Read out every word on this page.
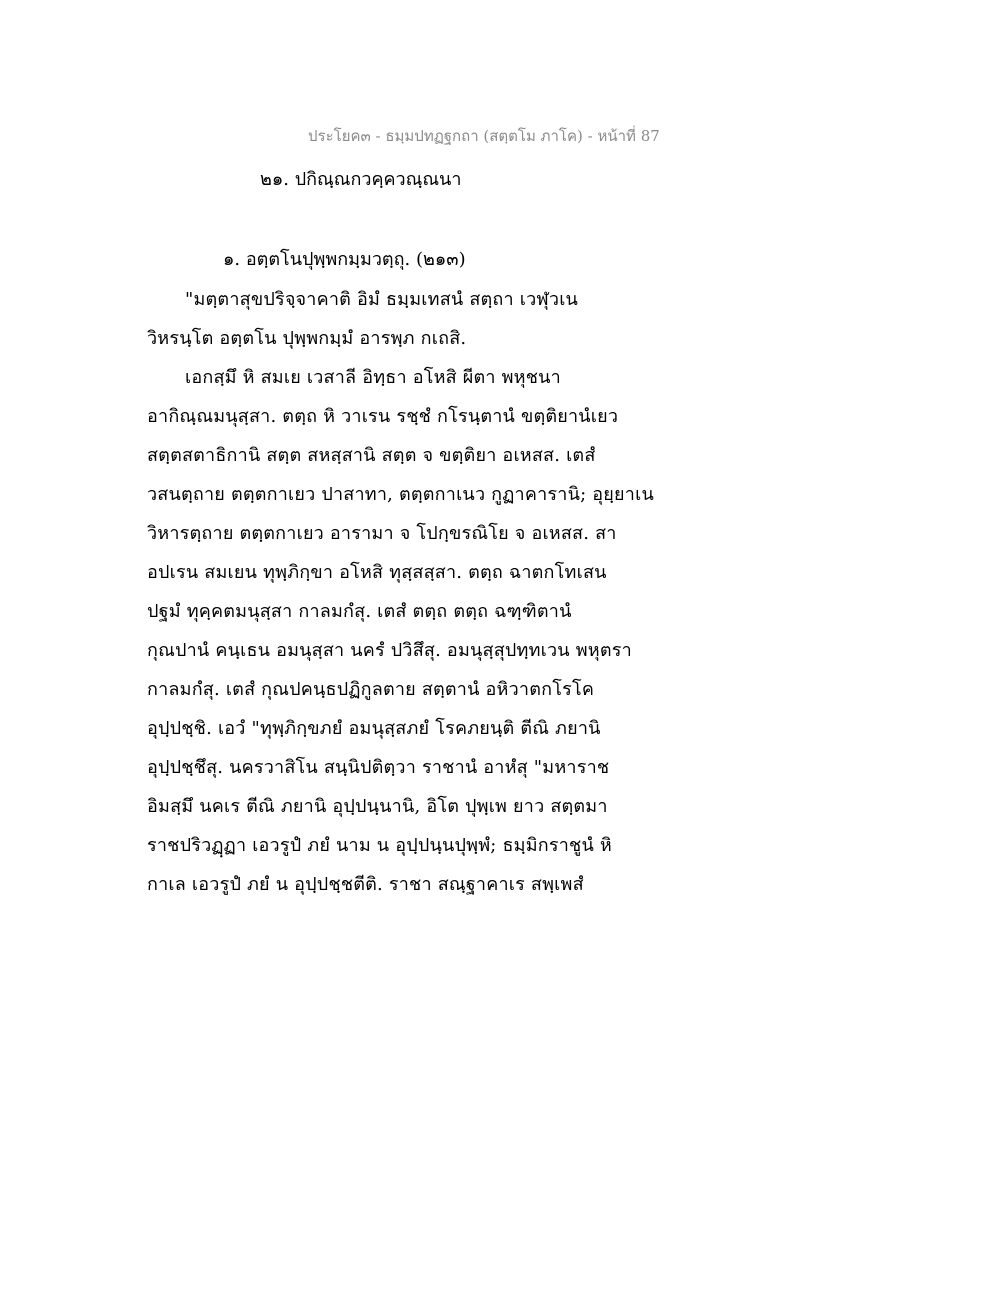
ประโยค๓ - ธมฺมปทฏฐกถา (สตฺตโม ภาโค) - หน้าที่ 87
๒๑. ปกิณฺณกวคฺควณฺณนา
๑. อตฺตโนปุพฺพกมฺมวตฺถุ. (๒๑๓)
"มตฺตาสุขปริจฺจาคาติ อิมํ ธมฺมเทสนํ สตฺถา เวฬุวเน
วิหรนฺโต อตฺตโน ปุพฺพกมฺมํ อารพฺภ กเถสิ.
เอกสฺมึ หิ สมเย เวสาลี อิทฺธา อโหสิ ผีตา พหุชนา
อากิณฺณมนุสฺสา. ตตฺถ หิ วาเรน รชฺชํ กโรนฺตานํ ขตฺติยานํเยว
สตฺตสตาธิกานิ สตฺต สหสฺสานิ สตฺต จ ขตฺติยา อเหสส. เตสํ
วสนตฺถาย ตตฺตกาเยว ปาสาทา, ตตฺตกาเนว กูฏาคารานิ; อุยฺยาเน
วิหารตฺถาย ตตฺตกาเยว อารามา จ โปกฺขรณิโย จ อเหสส. สา
อปเรน สมเยน ทุพฺภิกฺขา อโหสิ ทุสฺสสฺสา. ตตฺถ ฉาตกโทเสน
ปฐมํ ทุคฺคตมนุสฺสา กาลมกํสุ. เตสํ ตตฺถ ตตฺถ ฉฑฺฑิตานํ
กุณปานํ คนฺเธน อมนุสฺสา นครํ ปวิสึสุ. อมนุสฺสุปทฺทเวน พหุตรา
กาลมกํสุ. เตสํ กุณปคนฺธปฏิกูลตาย สตฺตานํ อหิวาตกโรโค
อุปฺปชฺชิ. เอวํ "ทุพฺภิกฺขภยํ อมนุสฺสภยํ โรคภยนฺติ ตีณิ ภยานิ
อุปฺปชฺชึสุ. นครวาสิโน สนฺนิปติตฺวา ราชานํ อาหํสุ "มหาราช
อิมสฺมึ นคเร ตีณิ ภยานิ อุปฺปนฺนานิ, อิโต ปุพฺเพ ยาว สตฺตมา
ราชปริวฏฺฏา เอวรูปํ ภยํ นาม น อุปฺปนฺนปุพฺพํ; ธมฺมิกราชูนํ หิ
กาเล เอวรูปํ ภยํ น อุปฺปชฺชตีติ. ราชา สณฺฐาคาเร สพฺเพสํ
